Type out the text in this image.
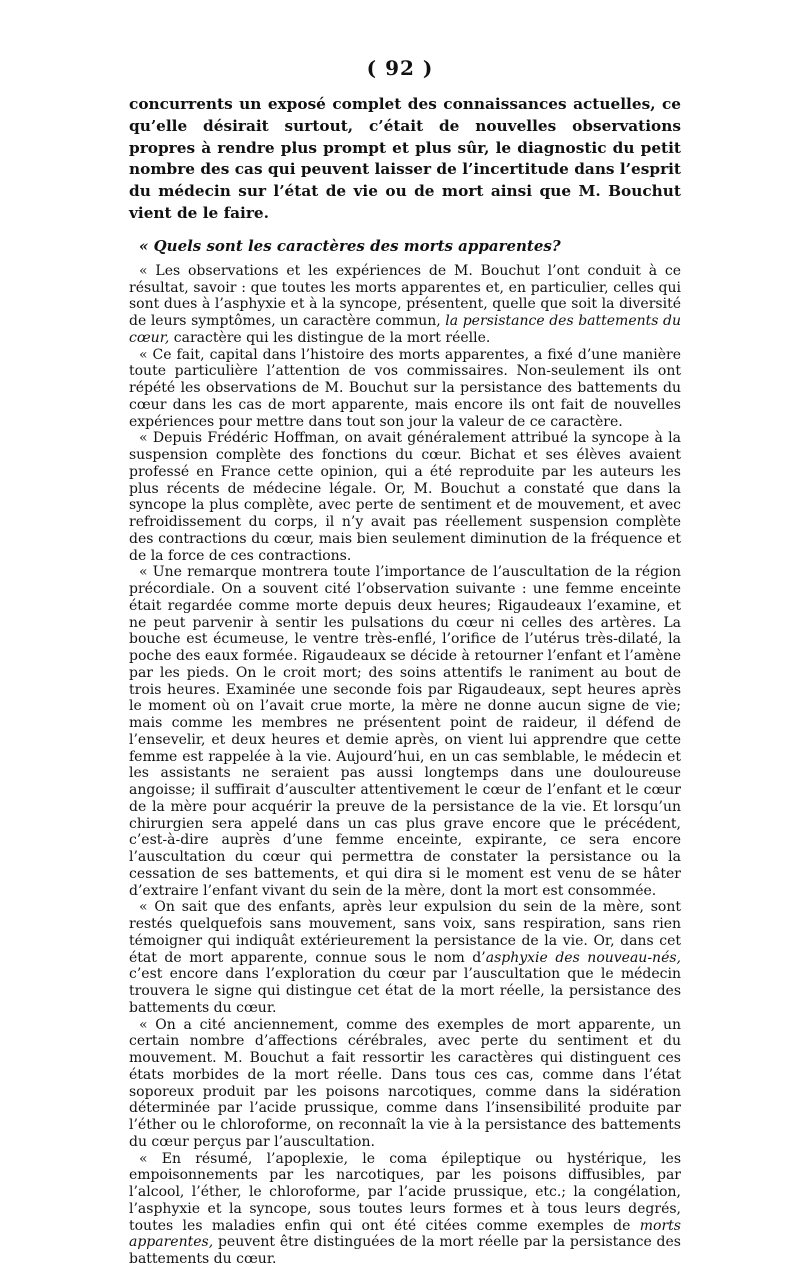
( 92 )

concurrents un exposé complet des connaissances actuelles, ce qu’elle désirait surtout, c’était de nouvelles observations propres à rendre plus prompt et plus sûr, le diagnostic du petit nombre des cas qui peuvent laisser de l’incertitude dans l’esprit du médecin sur l’état de vie ou de mort ainsi que M. Bouchut vient de le faire.

« Quels sont les caractères des morts apparentes?

« Les observations et les expériences de M. Bouchut l’ont conduit à ce résultat, savoir : que toutes les morts apparentes et, en particulier, celles qui sont dues à l’asphyxie et à la syncope, présentent, quelle que soit la diversité de leurs symptômes, un caractère commun, la persistance des battements du cœur, caractère qui les distingue de la mort réelle.

« Ce fait, capital dans l’histoire des morts apparentes, a fixé d’une manière toute particulière l’attention de vos commissaires. Non-seulement ils ont répété les observations de M. Bouchut sur la persistance des battements du cœur dans les cas de mort apparente, mais encore ils ont fait de nouvelles expériences pour mettre dans tout son jour la valeur de ce caractère.

« Depuis Frédéric Hoffman, on avait généralement attribué la syncope à la suspension complète des fonctions du cœur. Bichat et ses élèves avaient professé en France cette opinion, qui a été reproduite par les auteurs les plus récents de médecine légale. Or, M. Bouchut a constaté que dans la syncope la plus complète, avec perte de sentiment et de mouvement, et avec refroidissement du corps, il n’y avait pas réellement suspension complète des contractions du cœur, mais bien seulement diminution de la fréquence et de la force de ces contractions.

« Une remarque montrera toute l’importance de l’auscultation de la région précordiale. On a souvent cité l’observation suivante : une femme enceinte était regardée comme morte depuis deux heures; Rigaudeaux l’examine, et ne peut parvenir à sentir les pulsations du cœur ni celles des artères. La bouche est écumeuse, le ventre très-enflé, l’orifice de l’utérus très-dilaté, la poche des eaux formée. Rigaudeaux se décide à retourner l’enfant et l’amène par les pieds. On le croit mort; des soins attentifs le raniment au bout de trois heures. Examinée une seconde fois par Rigaudeaux, sept heures après le moment où on l’avait crue morte, la mère ne donne aucun signe de vie; mais comme les membres ne présentent point de raideur, il défend de l’ensevelir, et deux heures et demie après, on vient lui apprendre que cette femme est rappelée à la vie. Aujourd’hui, en un cas semblable, le médecin et les assistants ne seraient pas aussi longtemps dans une douloureuse angoisse; il suffirait d’ausculter attentivement le cœur de l’enfant et le cœur de la mère pour acquérir la preuve de la persistance de la vie. Et lorsqu’un chirurgien sera appelé dans un cas plus grave encore que le précédent, c’est-à-dire auprès d’une femme enceinte, expirante, ce sera encore l’auscultation du cœur qui permettra de constater la persistance ou la cessation de ses battements, et qui dira si le moment est venu de se hâter d’extraire l’enfant vivant du sein de la mère, dont la mort est consommée.

« On sait que des enfants, après leur expulsion du sein de la mère, sont restés quelquefois sans mouvement, sans voix, sans respiration, sans rien témoigner qui indiquât extérieurement la persistance de la vie. Or, dans cet état de mort apparente, connue sous le nom d’asphyxie des nouveau-nés, c’est encore dans l’exploration du cœur par l’auscultation que le médecin trouvera le signe qui distingue cet état de la mort réelle, la persistance des battements du cœur.

« On a cité anciennement, comme des exemples de mort apparente, un certain nombre d’affections cérébrales, avec perte du sentiment et du mouvement. M. Bouchut a fait ressortir les caractères qui distinguent ces états morbides de la mort réelle. Dans tous ces cas, comme dans l’état soporeux produit par les poisons narcotiques, comme dans la sidération déterminée par l’acide prussique, comme dans l’insensibilité produite par l’éther ou le chloroforme, on reconnaît la vie à la persistance des battements du cœur perçus par l’auscultation.

« En résumé, l’apoplexie, le coma épileptique ou hystérique, les empoisonnements par les narcotiques, par les poisons diffusibles, par l’alcool, l’éther, le chloroforme, par l’acide prussique, etc.; la congélation, l’asphyxie et la syncope, sous toutes leurs formes et à tous leurs degrés, toutes les maladies enfin qui ont été citées comme exemples de morts apparentes, peuvent être distinguées de la mort réelle par la persistance des battements du cœur.
